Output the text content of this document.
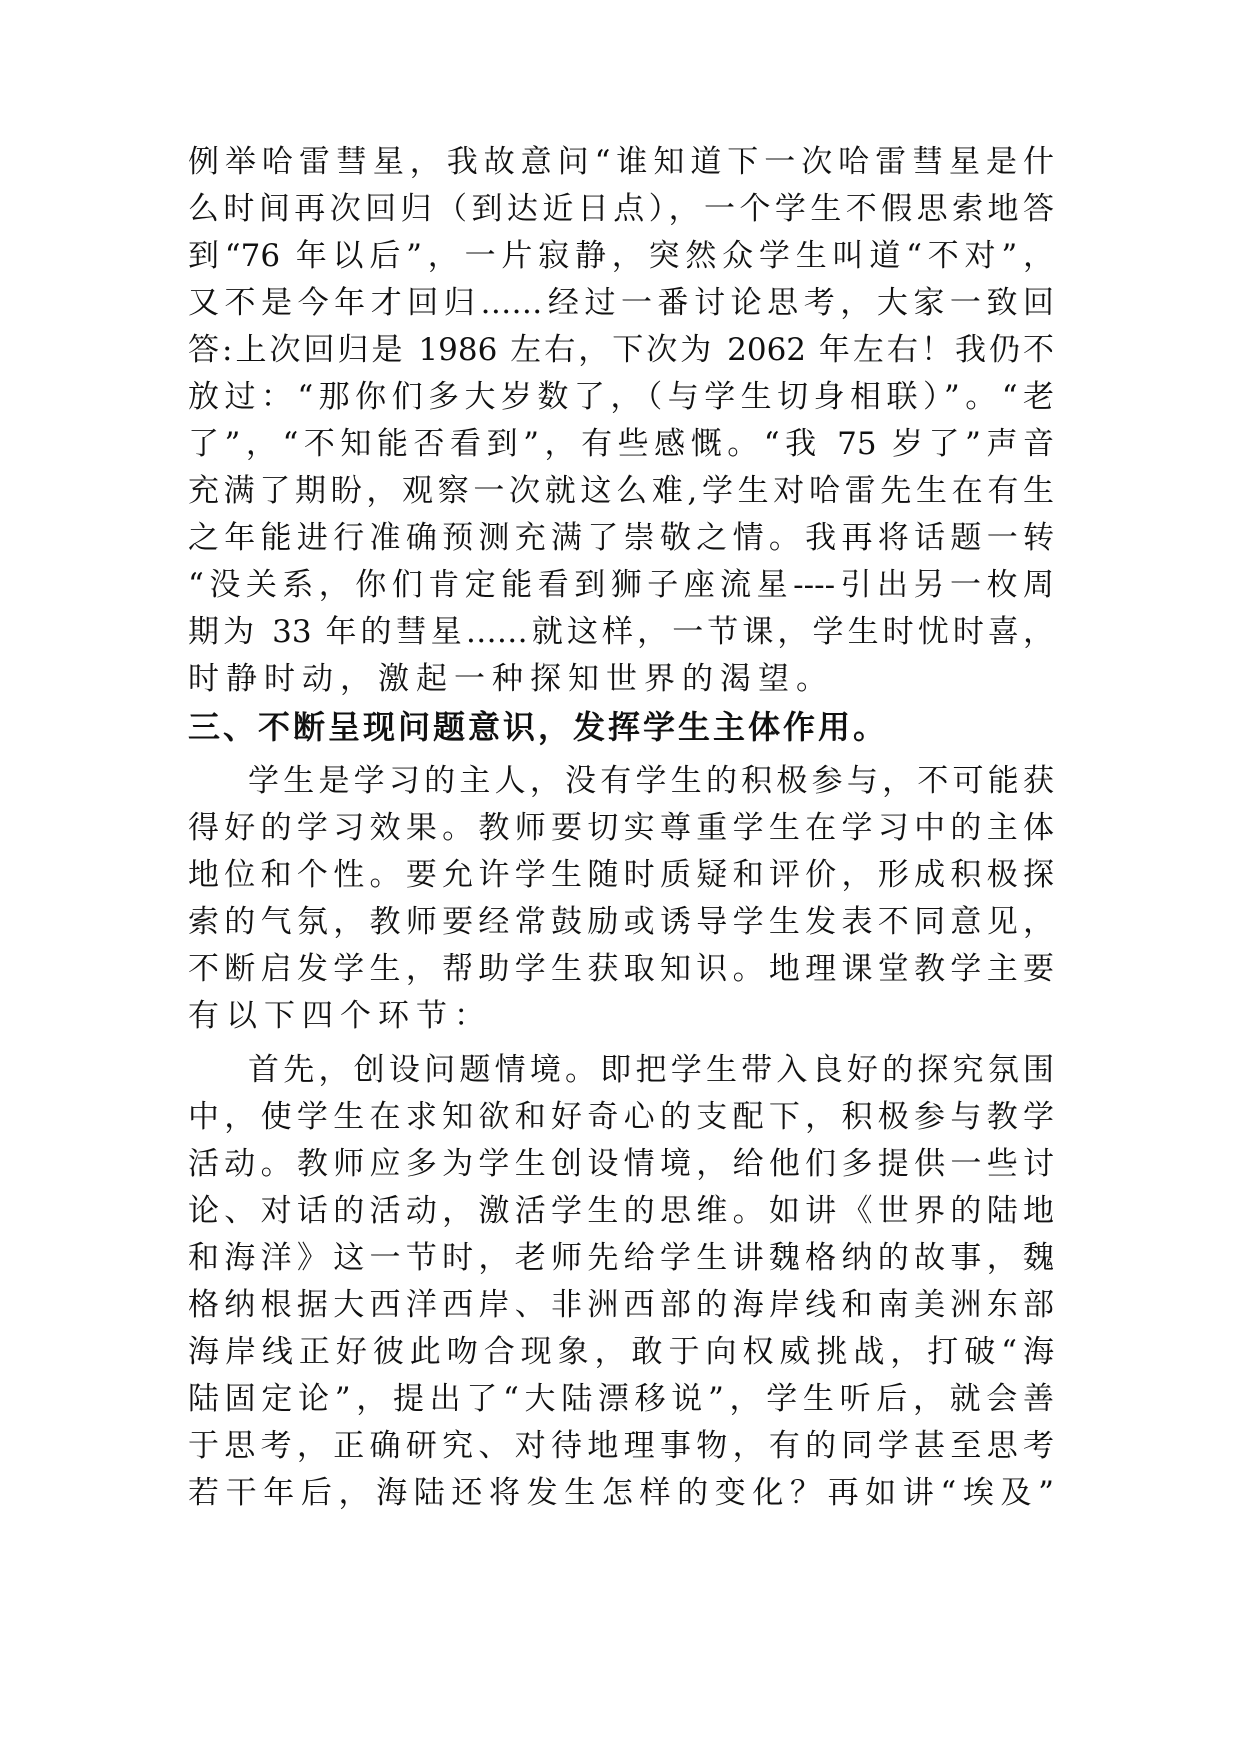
例举哈雷彗星，我故意问“谁知道下一次哈雷彗星是什
么时间再次回归（到达近日点），一个学生不假思索地答
到“76 年以后”，一片寂静，突然众学生叫道“不对”，
又不是今年才回归……经过一番讨论思考，大家一致回
答:上次回归是 1986 左右，下次为 2062 年左右！我仍不
放过：“那你们多大岁数了，（与学生切身相联）”。“老
了”，“不知能否看到”，有些感慨。“我 75 岁了”声音
充满了期盼，观察一次就这么难,学生对哈雷先生在有生
之年能进行准确预测充满了崇敬之情。我再将话题一转
“没关系，你们肯定能看到狮子座流星----引出另一枚周
期为 33 年的彗星……就这样，一节课，学生时忧时喜，
时静时动，激起一种探知世界的渴望。
三、不断呈现问题意识，发挥学生主体作用。
学生是学习的主人，没有学生的积极参与，不可能获
得好的学习效果。教师要切实尊重学生在学习中的主体
地位和个性。要允许学生随时质疑和评价，形成积极探
索的气氛，教师要经常鼓励或诱导学生发表不同意见，
不断启发学生，帮助学生获取知识。地理课堂教学主要
有以下四个环节：
首先，创设问题情境。即把学生带入良好的探究氛围
中，使学生在求知欲和好奇心的支配下，积极参与教学
活动。教师应多为学生创设情境，给他们多提供一些讨
论、对话的活动，激活学生的思维。如讲《世界的陆地
和海洋》这一节时，老师先给学生讲魏格纳的故事，魏
格纳根据大西洋西岸、非洲西部的海岸线和南美洲东部
海岸线正好彼此吻合现象，敢于向权威挑战，打破“海
陆固定论”，提出了“大陆漂移说”，学生听后，就会善
于思考，正确研究、对待地理事物，有的同学甚至思考
若干年后，海陆还将发生怎样的变化？再如讲“埃及”
